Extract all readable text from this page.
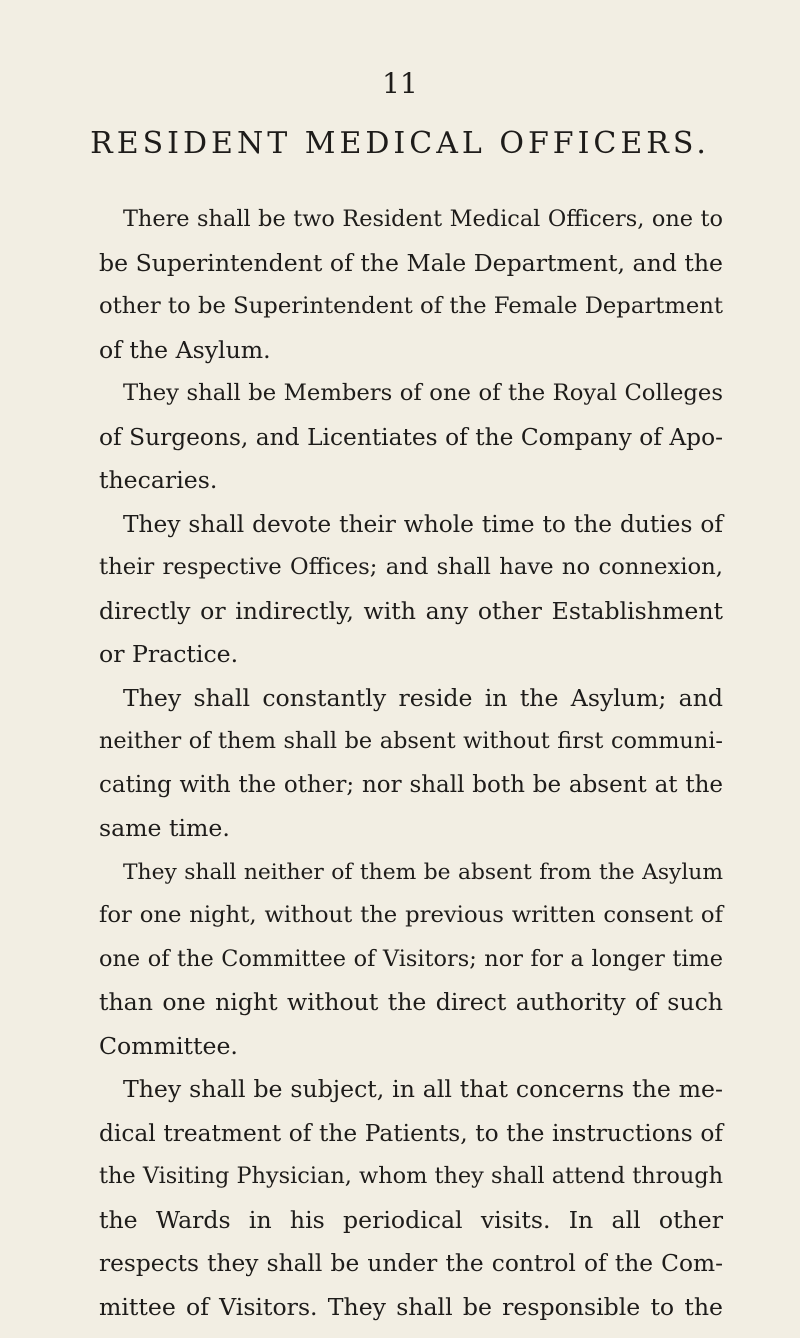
11
RESIDENT MEDICAL OFFICERS.
There shall be two Resident Medical Officers, one to
be Superintendent of the Male Department, and the
other to be Superintendent of the Female Department
of the Asylum.
They shall be Members of one of the Royal Colleges
of Surgeons, and Licentiates of the Company of Apo-
thecaries.
They shall devote their whole time to the duties of
their respective Offices; and shall have no connexion,
directly or indirectly, with any other Establishment
or Practice.
They shall constantly reside in the Asylum; and
neither of them shall be absent without first communi-
cating with the other; nor shall both be absent at the
same time.
They shall neither of them be absent from the Asylum
for one night, without the previous written consent of
one of the Committee of Visitors; nor for a longer time
than one night without the direct authority of such
Committee.
They shall be subject, in all that concerns the me-
dical treatment of the Patients, to the instructions of
the Visiting Physician, whom they shall attend through
the Wards in his periodical visits. In all other
respects they shall be under the control of the Com-
mittee of Visitors. They shall be responsible to the
